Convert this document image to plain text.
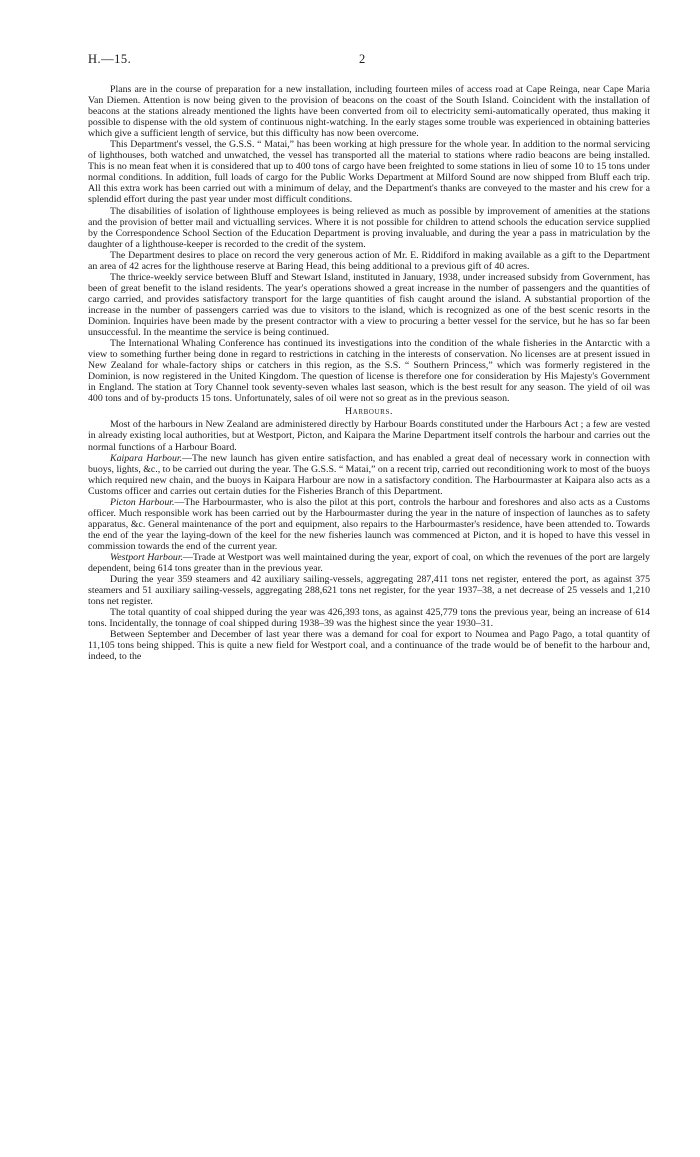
H.—15.	2

Plans are in the course of preparation for a new installation, including fourteen miles of access road at Cape Reinga, near Cape Maria Van Diemen. Attention is now being given to the provision of beacons on the coast of the South Island. Coincident with the installation of beacons at the stations already mentioned the lights have been converted from oil to electricity semi-automatically operated, thus making it possible to dispense with the old system of continuous night-watching. In the early stages some trouble was experienced in obtaining batteries which give a sufficient length of service, but this difficulty has now been overcome.

This Department's vessel, the G.S.S. “ Matai,” has been working at high pressure for the whole year. In addition to the normal servicing of lighthouses, both watched and unwatched, the vessel has transported all the material to stations where radio beacons are being installed. This is no mean feat when it is considered that up to 400 tons of cargo have been freighted to some stations in lieu of some 10 to 15 tons under normal conditions. In addition, full loads of cargo for the Public Works Department at Milford Sound are now shipped from Bluff each trip. All this extra work has been carried out with a minimum of delay, and the Department's thanks are conveyed to the master and his crew for a splendid effort during the past year under most difficult conditions.

The disabilities of isolation of lighthouse employees is being relieved as much as possible by improvement of amenities at the stations and the provision of better mail and victualling services. Where it is not possible for children to attend schools the education service supplied by the Correspondence School Section of the Education Department is proving invaluable, and during the year a pass in matriculation by the daughter of a lighthouse-keeper is recorded to the credit of the system.

The Department desires to place on record the very generous action of Mr. E. Riddiford in making available as a gift to the Department an area of 42 acres for the lighthouse reserve at Baring Head, this being additional to a previous gift of 40 acres.

The thrice-weekly service between Bluff and Stewart Island, instituted in January, 1938, under increased subsidy from Government, has been of great benefit to the island residents. The year's operations showed a great increase in the number of passengers and the quantities of cargo carried, and provides satisfactory transport for the large quantities of fish caught around the island. A substantial proportion of the increase in the number of passengers carried was due to visitors to the island, which is recognized as one of the best scenic resorts in the Dominion. Inquiries have been made by the present contractor with a view to procuring a better vessel for the service, but he has so far been unsuccessful. In the meantime the service is being continued.

The International Whaling Conference has continued its investigations into the condition of the whale fisheries in the Antarctic with a view to something further being done in regard to restrictions in catching in the interests of conservation. No licenses are at present issued in New Zealand for whale-factory ships or catchers in this region, as the S.S. “ Southern Princess,” which was formerly registered in the Dominion, is now registered in the United Kingdom. The question of license is therefore one for consideration by His Majesty's Government in England. The station at Tory Channel took seventy-seven whales last season, which is the best result for any season. The yield of oil was 400 tons and of by-products 15 tons. Unfortunately, sales of oil were not so great as in the previous season.

Harbours.

Most of the harbours in New Zealand are administered directly by Harbour Boards constituted under the Harbours Act ; a few are vested in already existing local authorities, but at Westport, Picton, and Kaipara the Marine Department itself controls the harbour and carries out the normal functions of a Harbour Board.

Kaipara Harbour.—The new launch has given entire satisfaction, and has enabled a great deal of necessary work in connection with buoys, lights, &c., to be carried out during the year. The G.S.S. “ Matai,” on a recent trip, carried out reconditioning work to most of the buoys which required new chain, and the buoys in Kaipara Harbour are now in a satisfactory condition. The Harbourmaster at Kaipara also acts as a Customs officer and carries out certain duties for the Fisheries Branch of this Department.

Picton Harbour.—The Harbourmaster, who is also the pilot at this port, controls the harbour and foreshores and also acts as a Customs officer. Much responsible work has been carried out by the Harbourmaster during the year in the nature of inspection of launches as to safety apparatus, &c. General maintenance of the port and equipment, also repairs to the Harbourmaster's residence, have been attended to. Towards the end of the year the laying-down of the keel for the new fisheries launch was commenced at Picton, and it is hoped to have this vessel in commission towards the end of the current year.

Westport Harbour.—Trade at Westport was well maintained during the year, export of coal, on which the revenues of the port are largely dependent, being 614 tons greater than in the previous year.

During the year 359 steamers and 42 auxiliary sailing-vessels, aggregating 287,411 tons net register, entered the port, as against 375 steamers and 51 auxiliary sailing-vessels, aggregating 288,621 tons net register, for the year 1937–38, a net decrease of 25 vessels and 1,210 tons net register.

The total quantity of coal shipped during the year was 426,393 tons, as against 425,779 tons the previous year, being an increase of 614 tons. Incidentally, the tonnage of coal shipped during 1938–39 was the highest since the year 1930–31.

Between September and December of last year there was a demand for coal for export to Noumea and Pago Pago, a total quantity of 11,105 tons being shipped. This is quite a new field for Westport coal, and a continuance of the trade would be of benefit to the harbour and, indeed, to the
